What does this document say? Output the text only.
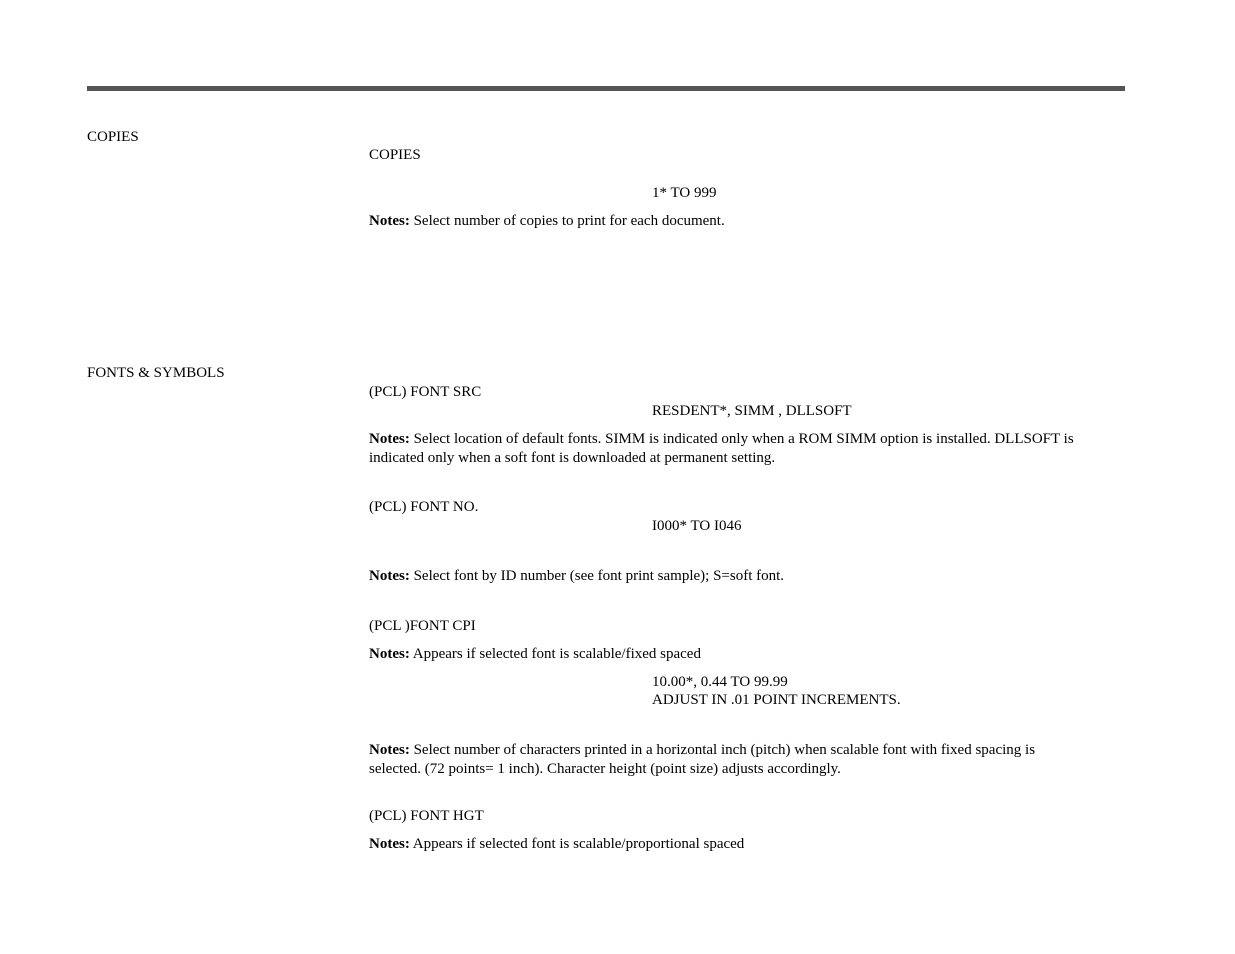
COPIES
COPIES
1* TO 999
Notes: Select number of copies to print for each document.
FONTS & SYMBOLS
(PCL) FONT SRC
RESDENT*, SIMM , DLLSOFT
Notes: Select location of default fonts. SIMM is indicated only when a ROM SIMM option is installed. DLLSOFT is indicated only when a soft font is downloaded at permanent setting.
(PCL) FONT NO.
I000* TO I046
Notes: Select font by ID number (see font print sample); S=soft font.
(PCL )FONT CPI
Notes: Appears if selected font is scalable/fixed spaced
10.00*, 0.44 TO 99.99
ADJUST IN .01 POINT INCREMENTS.
Notes: Select number of characters printed in a horizontal inch (pitch) when scalable font with fixed spacing is selected. (72 points= 1 inch). Character height (point size) adjusts accordingly.
(PCL) FONT HGT
Notes: Appears if selected font is scalable/proportional spaced
